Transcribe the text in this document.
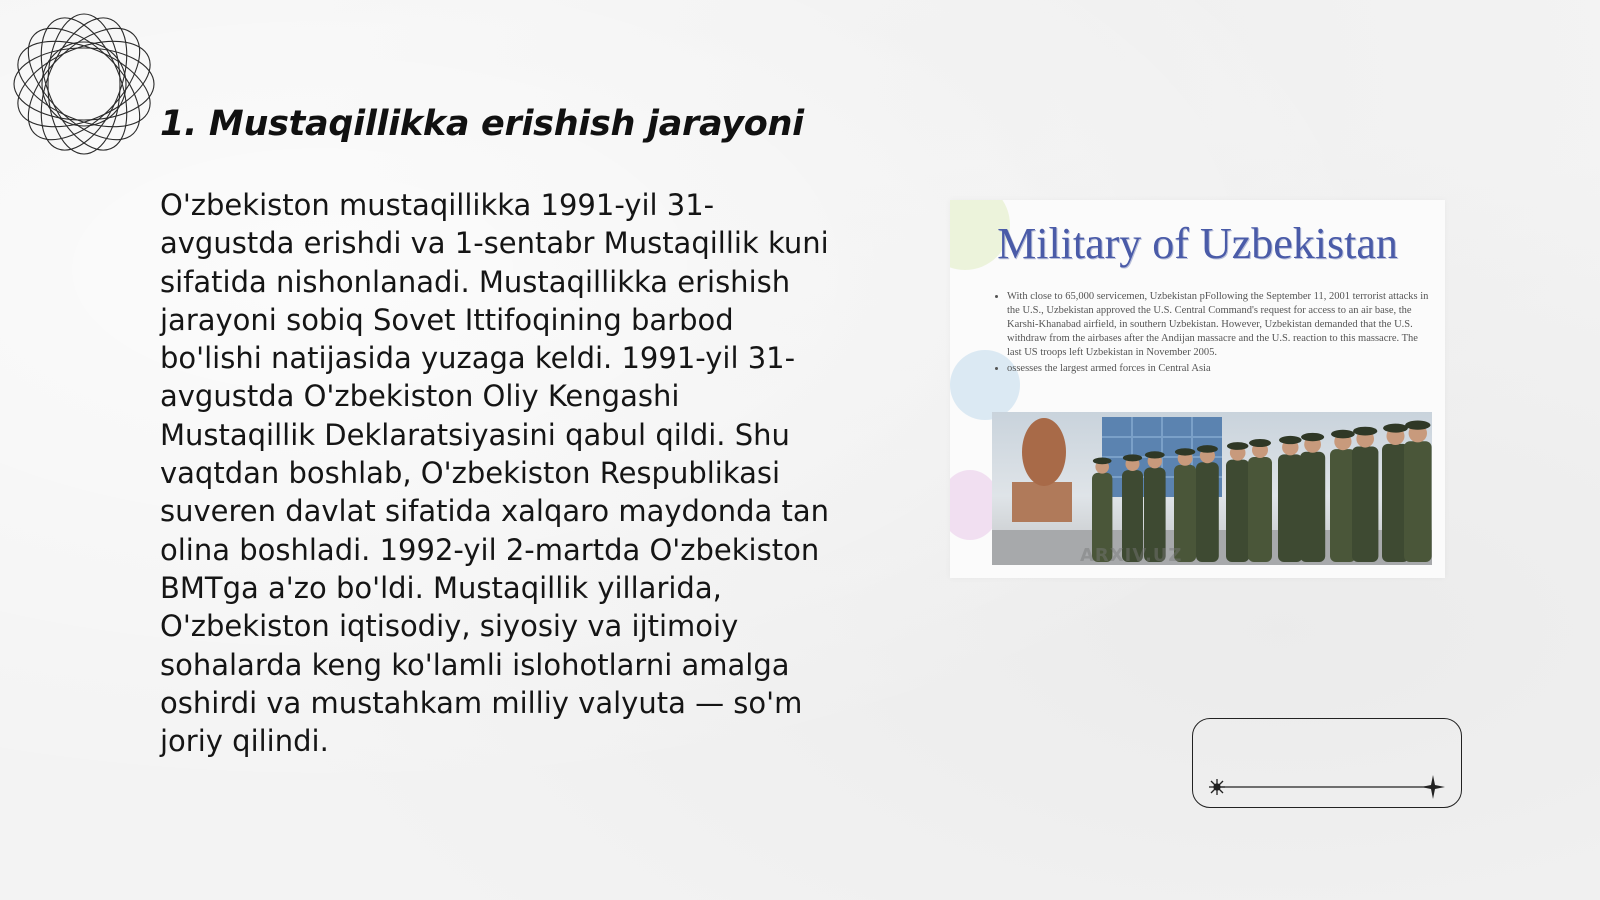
1. Mustaqillikka erishish jarayoni

O'zbekiston mustaqillikka 1991-yil 31-avgustda erishdi va 1-sentabr Mustaqillik kuni sifatida nishonlanadi. Mustaqillikka erishish jarayoni sobiq Sovet Ittifoqining barbod bo'lishi natijasida yuzaga keldi. 1991-yil 31-avgustda O'zbekiston Oliy Kengashi Mustaqillik Deklaratsiyasini qabul qildi. Shu vaqtdan boshlab, O'zbekiston Respublikasi suveren davlat sifatida xalqaro maydonda tan olina boshladi. 1992-yil 2-martda O'zbekiston BMTga a'zo bo'ldi. Mustaqillik yillarida, O'zbekiston iqtisodiy, siyosiy va ijtimoiy sohalarda keng ko'lamli islohotlarni amalga oshirdi va mustahkam milliy valyuta — so'm joriy qilindi.

Military of Uzbekistan
• With close to 65,000 servicemen, Uzbekistan pFollowing the September 11, 2001 terrorist attacks in the U.S., Uzbekistan approved the U.S. Central Command's request for access to an air base, the Karshi-Khanabad airfield, in southern Uzbekistan. However, Uzbekistan demanded that the U.S. withdraw from the airbases after the Andijan massacre and the U.S. reaction to this massacre. The last US troops left Uzbekistan in November 2005.
• ossesses the largest armed forces in Central Asia
ARXIV.UZ
